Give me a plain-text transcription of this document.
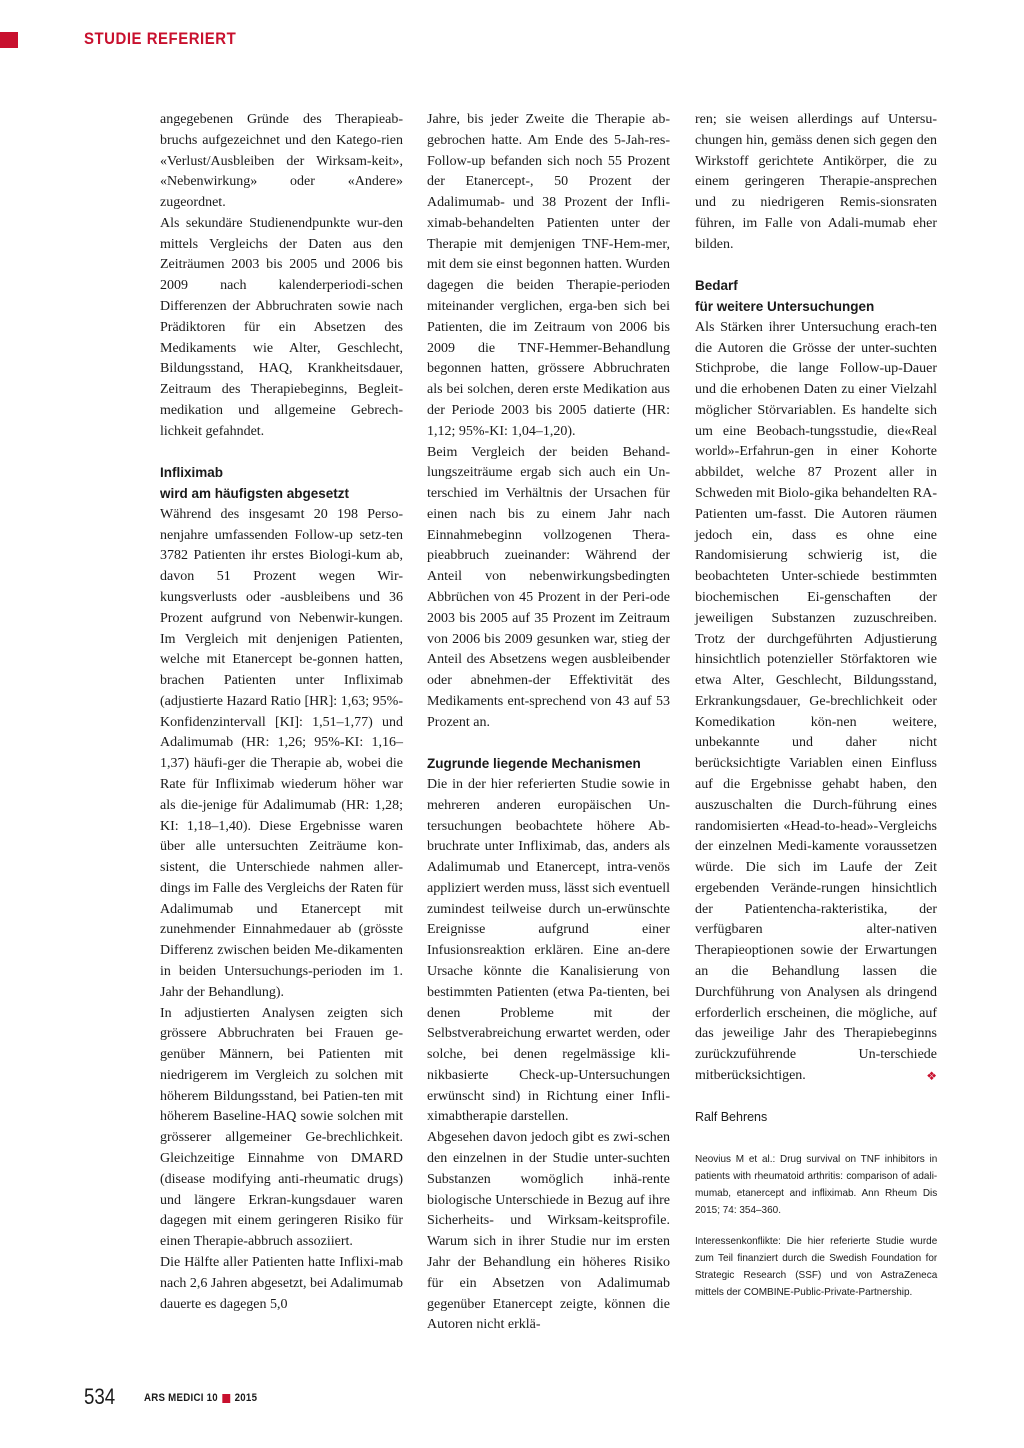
STUDIE REFERIERT

angegebenen Gründe des Therapieab-bruchs aufgezeichnet und den Katego-rien «Verlust/Ausbleiben der Wirksam-keit», «Nebenwirkung» oder «Andere» zugeordnet.

Als sekundäre Studienendpunkte wur-den mittels Vergleichs der Daten aus den Zeiträumen 2003 bis 2005 und 2006 bis 2009 nach kalenderperiodi-schen Differenzen der Abbruchraten sowie nach Prädiktoren für ein Absetzen des Medikaments wie Alter, Geschlecht, Bildungsstand, HAQ, Krankheitsdauer, Zeitraum des Therapiebeginns, Begleit-medikation und allgemeine Gebrech-lichkeit gefahndet.

Infliximab
wird am häufigsten abgesetzt

Während des insgesamt 20 198 Perso-nenjahre umfassenden Follow-up setz-ten 3782 Patienten ihr erstes Biologi-kum ab, davon 51 Prozent wegen Wir-kungsverlusts oder -ausbleibens und 36 Prozent aufgrund von Nebenwir-kungen. Im Vergleich mit denjenigen Patienten, welche mit Etanercept be-gonnen hatten, brachen Patienten unter Infliximab (adjustierte Hazard Ratio [HR]: 1,63; 95%-Konfidenzintervall [KI]: 1,51–1,77) und Adalimumab (HR: 1,26; 95%-KI: 1,16–1,37) häufi-ger die Therapie ab, wobei die Rate für Infliximab wiederum höher war als die-jenige für Adalimumab (HR: 1,28; KI: 1,18–1,40). Diese Ergebnisse waren über alle untersuchten Zeiträume kon-sistent, die Unterschiede nahmen aller-dings im Falle des Vergleichs der Raten für Adalimumab und Etanercept mit zunehmender Einnahmedauer ab (grösste Differenz zwischen beiden Me-dikamenten in beiden Untersuchungs-perioden im 1. Jahr der Behandlung).

In adjustierten Analysen zeigten sich grössere Abbruchraten bei Frauen ge-genüber Männern, bei Patienten mit niedrigerem im Vergleich zu solchen mit höherem Bildungsstand, bei Patien-ten mit höherem Baseline-HAQ sowie solchen mit grösserer allgemeiner Ge-brechlichkeit. Gleichzeitige Einnahme von DMARD (disease modifying anti-rheumatic drugs) und längere Erkran-kungsdauer waren dagegen mit einem geringeren Risiko für einen Therapie-abbruch assoziiert.

Die Hälfte aller Patienten hatte Inflixi-mab nach 2,6 Jahren abgesetzt, bei Adalimumab dauerte es dagegen 5,0

Jahre, bis jeder Zweite die Therapie ab-gebrochen hatte. Am Ende des 5-Jah-res-Follow-up befanden sich noch 55 Prozent der Etanercept-, 50 Prozent der Adalimumab- und 38 Prozent der Infli-ximab-behandelten Patienten unter der Therapie mit demjenigen TNF-Hem-mer, mit dem sie einst begonnen hatten. Wurden dagegen die beiden Therapie-perioden miteinander verglichen, erga-ben sich bei Patienten, die im Zeitraum von 2006 bis 2009 die TNF-Hemmer-Behandlung begonnen hatten, grössere Abbruchraten als bei solchen, deren erste Medikation aus der Periode 2003 bis 2005 datierte (HR: 1,12; 95%-KI: 1,04–1,20).

Beim Vergleich der beiden Behand-lungszeiträume ergab sich auch ein Un-terschied im Verhältnis der Ursachen für einen nach bis zu einem Jahr nach Einnahmebeginn vollzogenen Thera-pieabbruch zueinander: Während der Anteil von nebenwirkungsbedingten Abbrüchen von 45 Prozent in der Peri-ode 2003 bis 2005 auf 35 Prozent im Zeitraum von 2006 bis 2009 gesunken war, stieg der Anteil des Absetzens wegen ausbleibender oder abnehmen-der Effektivität des Medikaments ent-sprechend von 43 auf 53 Prozent an.

Zugrunde liegende Mechanismen

Die in der hier referierten Studie sowie in mehreren anderen europäischen Un-tersuchungen beobachtete höhere Ab-bruchrate unter Infliximab, das, anders als Adalimumab und Etanercept, intra-venös appliziert werden muss, lässt sich eventuell zumindest teilweise durch un-erwünschte Ereignisse aufgrund einer Infusionsreaktion erklären. Eine an-dere Ursache könnte die Kanalisierung von bestimmten Patienten (etwa Pa-tienten, bei denen Probleme mit der Selbstverabreichung erwartet werden, oder solche, bei denen regelmässige kli-nikbasierte Check-up-Untersuchungen erwünscht sind) in Richtung einer Infli-ximabtherapie darstellen.

Abgesehen davon jedoch gibt es zwi-schen den einzelnen in der Studie unter-suchten Substanzen womöglich inhä-rente biologische Unterschiede in Bezug auf ihre Sicherheits- und Wirksam-keitsprofile. Warum sich in ihrer Studie nur im ersten Jahr der Behandlung ein höheres Risiko für ein Absetzen von Adalimumab gegenüber Etanercept zeigte, können die Autoren nicht erklä-

ren; sie weisen allerdings auf Untersu-chungen hin, gemäss denen sich gegen den Wirkstoff gerichtete Antikörper, die zu einem geringeren Therapie-ansprechen und zu niedrigeren Remis-sionsraten führen, im Falle von Adali-mumab eher bilden.

Bedarf
für weitere Untersuchungen

Als Stärken ihrer Untersuchung erach-ten die Autoren die Grösse der unter-suchten Stichprobe, die lange Follow-up-Dauer und die erhobenen Daten zu einer Vielzahl möglicher Störvariablen. Es handelte sich um eine Beobach-tungsstudie, die«Real world»-Erfahrun-gen in einer Kohorte abbildet, welche 87 Prozent aller in Schweden mit Biolo-gika behandelten RA-Patienten um-fasst. Die Autoren räumen jedoch ein, dass es ohne eine Randomisierung schwierig ist, die beobachteten Unter-schiede bestimmten biochemischen Ei-genschaften der jeweiligen Substanzen zuzuschreiben. Trotz der durchgeführten Adjustierung hinsichtlich potenzieller Störfaktoren wie etwa Alter, Geschlecht, Bildungsstand, Erkrankungsdauer, Ge-brechlichkeit oder Komedikation kön-nen weitere, unbekannte und daher nicht berücksichtigte Variablen einen Einfluss auf die Ergebnisse gehabt haben, den auszuschalten die Durch-führung eines randomisierten «Head-to-head»-Vergleichs der einzelnen Medi-kamente voraussetzen würde. Die sich im Laufe der Zeit ergebenden Verände-rungen hinsichtlich der Patientencha-rakteristika, der verfügbaren alter-nativen Therapieoptionen sowie der Erwartungen an die Behandlung lassen die Durchführung von Analysen als dringend erforderlich erscheinen, die mögliche, auf das jeweilige Jahr des Therapiebeginns zurückzuführende Un-terschiede mitberücksichtigen.	❖

Ralf Behrens
Neovius M et al.: Drug survival on TNF inhibitors in patients with rheumatoid arthritis: comparison of adali-mumab, etanercept and infliximab. Ann Rheum Dis 2015; 74: 354–360.
Interessenkonflikte: Die hier referierte Studie wurde zum Teil finanziert durch die Swedish Foundation for Strategic Research (SSF) und von AstraZeneca mittels der COMBINE-Public-Private-Partnership.
534	ARS MEDICI 10 2015
